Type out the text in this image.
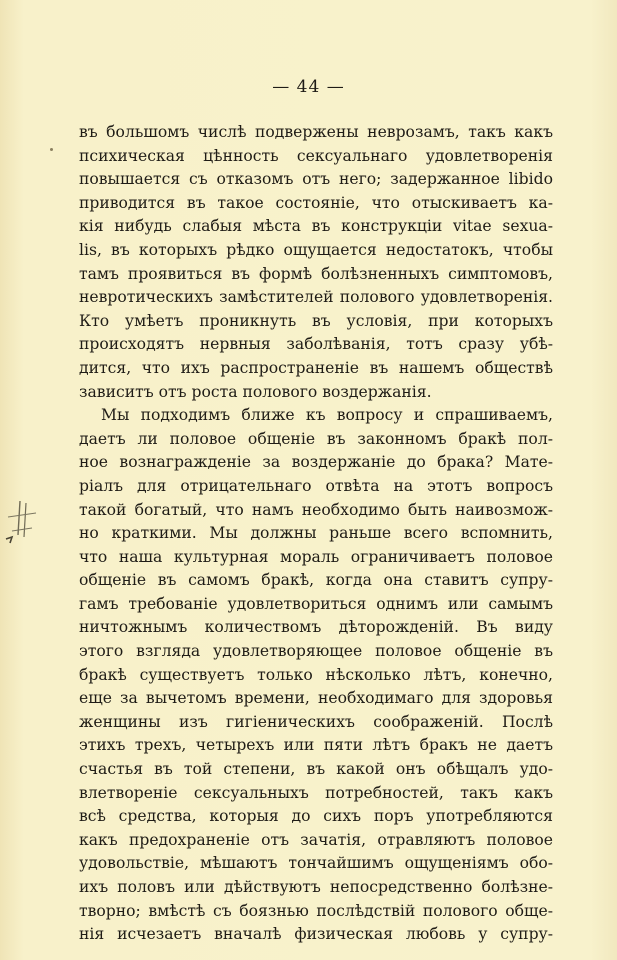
— 44 —
въ большомъ числѣ подвержены неврозамъ, такъ какъ
психическая цѣнность сексуальнаго удовлетворенія
повышается съ отказомъ отъ него; задержанное libido
приводится въ такое состояніе, что отыскиваетъ ка-
кія нибудь слабыя мѣста въ конструкціи vitae sexua-
lis, въ которыхъ рѣдко ощущается недостатокъ, чтобы
тамъ проявиться въ формѣ болѣзненныхъ симптомовъ,
невротическихъ замѣстителей полового удовлетворенія.
Кто умѣетъ проникнуть въ условія, при которыхъ
происходятъ нервныя заболѣванія, тотъ сразу убѣ-
дится, что ихъ распространеніе въ нашемъ обществѣ
зависитъ отъ роста полового воздержанія.
Мы подходимъ ближе къ вопросу и спрашиваемъ,
даетъ ли половое общеніе въ законномъ бракѣ пол-
ное вознагражденіе за воздержаніе до брака? Мате-
ріалъ для отрицательнаго отвѣта на этотъ вопросъ
такой богатый, что намъ необходимо быть наивозмож-
но краткими. Мы должны раньше всего вспомнить,
что наша культурная мораль ограничиваетъ половое
общеніе въ самомъ бракѣ, когда она ставитъ супру-
гамъ требованіе удовлетвориться однимъ или самымъ
ничтожнымъ количествомъ дѣторожденій. Въ виду
этого взгляда удовлетворяющее половое общеніе въ
бракѣ существуетъ только нѣсколько лѣтъ, конечно,
еще за вычетомъ времени, необходимаго для здоровья
женщины изъ гигіеническихъ соображеній. Послѣ
этихъ трехъ, четырехъ или пяти лѣтъ бракъ не даетъ
счастья въ той степени, въ какой онъ обѣщалъ удо-
влетвореніе сексуальныхъ потребностей, такъ какъ
всѣ средства, которыя до сихъ поръ употребляются
какъ предохраненіе отъ зачатія, отравляютъ половое
удовольствіе, мѣшаютъ тончайшимъ ощущеніямъ обо-
ихъ половъ или дѣйствуютъ непосредственно болѣзне-
творно; вмѣстѣ съ боязнью послѣдствій полового обще-
нія исчезаетъ вначалѣ физическая любовь у супру-
